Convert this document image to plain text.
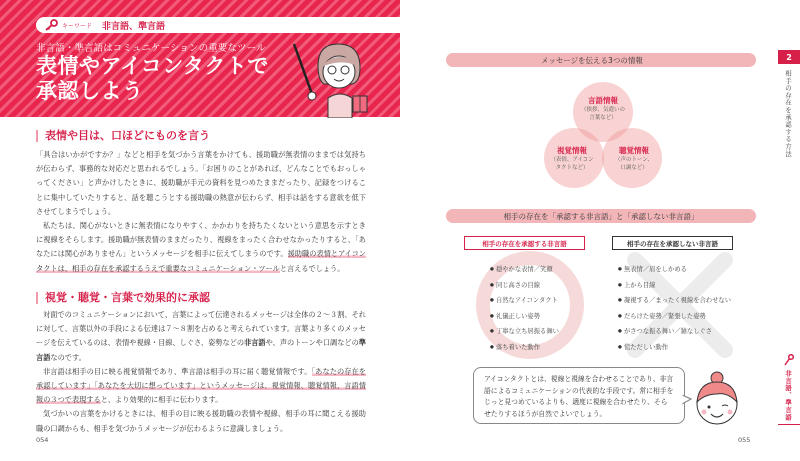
キーワード 非言語、準言語
非言語・準言語はコミュニケーションの重要なツール
表情やアイコンタクトで
承認しよう
表情や目は、口ほどにものを言う

「具合はいかがですか？」などと相手を気づかう言葉をかけても、援助職が無表情のままでは気持ちが伝わらず、事務的な対応だと思われるでしょう。「お困りのことがあれば、どんなことでもおっしゃってください」と声かけしたときに、援助職が手元の資料を見つめたままだったり、記録をつけることに集中していたりすると、話を聴こうとする援助職の熱意が伝わらず、相手は話をする意欲を低下させてしまうでしょう。

私たちは、関心がないときに無表情になりやすく、かかわりを持ちたくないという意思を示すときに視線をそらします。援助職が無表情のままだったり、視線をまったく合わせなかったりすると、「あなたには関心がありません」というメッセージを相手に伝えてしまうのです。援助職の表情とアイコンタクトは、相手の存在を承認するうえで重要なコミュニケーション・ツールと言えるでしょう。

視覚・聴覚・言葉で効果的に承認

対面でのコミュニケーションにおいて、言葉によって伝達されるメッセージは全体の２～３割、それに対して、言葉以外の手段による伝達は７～８割を占めると考えられています。言葉より多くのメッセージを伝えているのは、表情や視線・目線、しぐさ、姿勢などの非言語や、声のトーンや口調などの準言語なのです。

非言語は相手の目に映る視覚情報であり、準言語は相手の耳に届く聴覚情報です。「あなたの存在を承認しています」「あなたを大切に想っています」というメッセージは、視覚情報、聴覚情報、言語情報の３つで表現すると、より効果的に相手に伝わります。

気づかいの言葉をかけるときには、相手の目に映る援助職の表情や視線、相手の耳に聞こえる援助職の口調からも、相手を気づかうメッセージが伝わるように意識しましょう。

054
メッセージを伝える3つの情報
言語情報
（挨拶、気遣いの
言葉など）
視覚情報
（表情、アイコン
タクトなど）
聴覚情報
（声のトーン、
口調など）
相手の存在を「承認する非言語」と「承認しない非言語」
相手の存在を承認する非言語	相手の存在を承認しない非言語
● 穏やかな表情／笑顔
● 同じ高さの目線
● 自然なアイコンタクト
● 礼儀正しい姿勢
● 丁寧な立ち居振る舞い
● 落ち着いた動作
● 無表情／眉をしかめる
● 上から目線
● 凝視する／まったく視線を合わせない
● だらけた姿勢／緊張した姿勢
● がさつな振る舞い／雑なしぐさ
● 慌ただしい動作
アイコンタクトとは、視線と視線を合わせることであり、非言語によるコミュニケーションの代表的な手段です。常に相手をじっと見つめているよりも、適度に視線を合わせたり、そらせたりするほうが自然でよいでしょう。
2
相手の存在を承認する方法
非言語、準言語
055
